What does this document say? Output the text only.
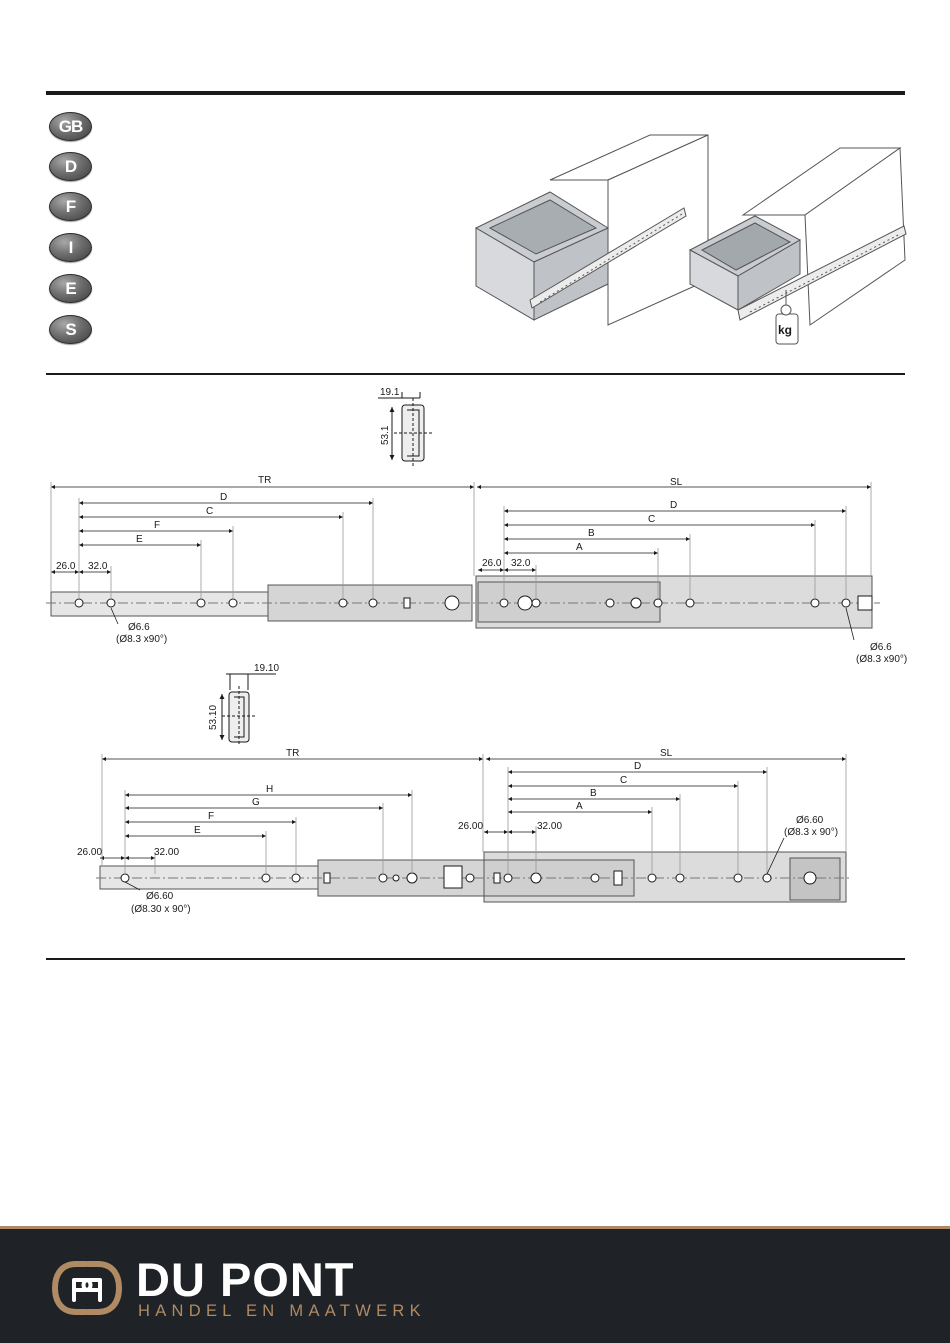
GB
D
F
I
E
S	kg
19.1
53.1
TR	SL
D
C
F
E
26.0 32.0
D
C
B
A
26.0 32.0
Ø6.6
(Ø8.3 x90°)
Ø6.6
(Ø8.3 x90°)
19.10
53.10
TR	SL
H
G
F
E
26.00	32.00
D
C
B
A
26.00	32.00
Ø6.60
(Ø8.30 x 90°)
Ø6.60
(Ø8.3 x 90°)
DU PONT
HANDEL EN MAATWERK
